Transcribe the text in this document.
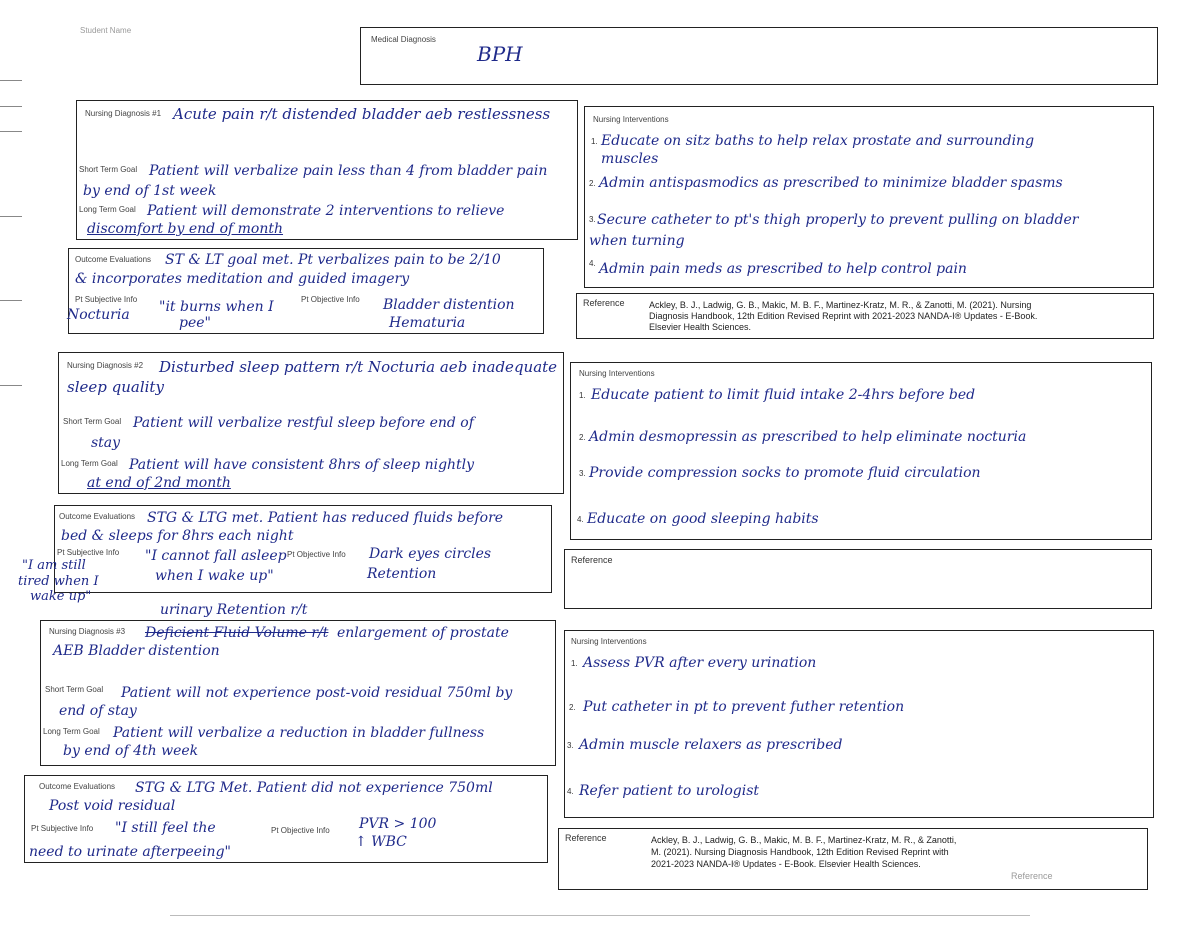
Student Name
Medical Diagnosis
BPH
Nursing Diagnosis #1 Acute pain r/t distended bladder aeb restlessness
Short Term Goal Patient will verbalize pain less than 4 from bladder pain
by end of 1st week
Long Term Goal Patient will demonstrate 2 interventions to relieve
discomfort by end of month
Outcome Evaluations ST & LT goal met. Pt verbalizes pain to be 2/10
& incorporates meditation and guided imagery
Pt Subjective Info
Nocturia "it burns when I
pee"
Pt Objective Info Bladder distention
Hematuria
Nursing Interventions
1. Educate on sitz baths to help relax prostate and surrounding
muscles
2. Admin antispasmodics as prescribed to minimize bladder spasms
3. Secure catheter to pt's thigh properly to prevent pulling on bladder
when turning
4. Admin pain meds as prescribed to help control pain
Reference	Ackley, B. J., Ladwig, G. B., Makic, M. B. F., Martinez-Kratz, M. R., & Zanotti, M. (2021). Nursing
Diagnosis Handbook, 12th Edition Revised Reprint with 2021-2023 NANDA-I® Updates - E-Book.
Elsevier Health Sciences.
Nursing Diagnosis #2 Disturbed sleep pattern r/t Nocturia aeb inadequate
sleep quality
Short Term Goal Patient will verbalize restful sleep before end of
stay
Long Term Goal Patient will have consistent 8hrs of sleep nightly
at end of 2nd month
Outcome Evaluations STG & LTG met. Patient has reduced fluids before
bed & sleeps for 8hrs each night
Pt Subjective Info "I cannot fall asleep
when I wake up"
Pt Objective Info Dark eyes circles
Retention
"I am still
tired when I
wake up"
Nursing Interventions
1. Educate patient to limit fluid intake 2-4hrs before bed
2. Admin desmopressin as prescribed to help eliminate nocturia
3. Provide compression socks to promote fluid circulation
4. Educate on good sleeping habits
Reference
urinary Retention r/t
Nursing Diagnosis #3 Deficient Fluid Volume r/t enlargement of prostate
AEB Bladder distention
Short Term Goal Patient will not experience post-void residual 750ml by
end of stay
Long Term Goal Patient will verbalize a reduction in bladder fullness
by end of 4th week
Outcome Evaluations STG & LTG Met. Patient did not experience 750ml
Post void residual
Pt Subjective Info "I still feel the
need to urinate afterpeeing"
Pt Objective Info PVR > 100
↑ WBC
Nursing Interventions
1. Assess PVR after every urination
2. Put catheter in pt to prevent futher retention
3. Admin muscle relaxers as prescribed
4. Refer patient to urologist
Reference	Ackley, B. J., Ladwig, G. B., Makic, M. B. F., Martinez-Kratz, M. R., & Zanotti,
M. (2021). Nursing Diagnosis Handbook, 12th Edition Revised Reprint with
2021-2023 NANDA-I® Updates - E-Book. Elsevier Health Sciences.
Reference
